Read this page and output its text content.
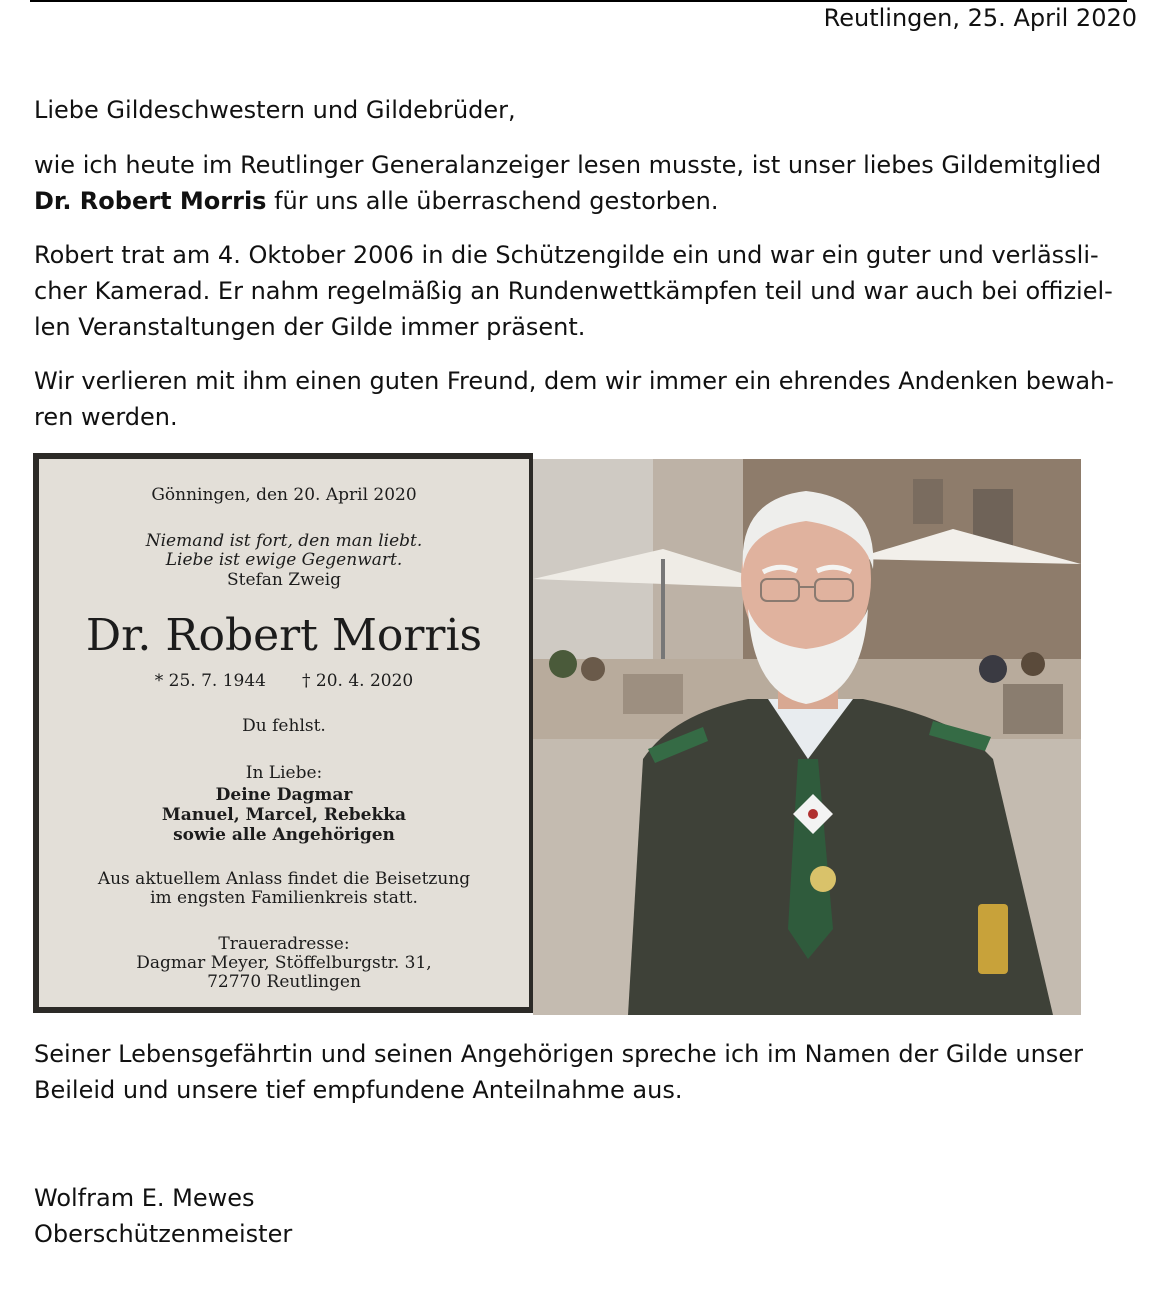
Reutlingen, 25. April 2020

Liebe Gildeschwestern und Gildebrüder,

wie ich heute im Reutlinger Generalanzeiger lesen musste, ist unser liebes Gildemitglied

Dr. Robert Morris für uns alle überraschend gestorben.

Robert trat am 4. Oktober 2006 in die Schützengilde ein und war ein guter und verlässli-

cher Kamerad. Er nahm regelmäßig an Rundenwettkämpfen teil und war auch bei offiziel-

len Veranstaltungen der Gilde immer präsent.

Wir verlieren mit ihm einen guten Freund, dem wir immer ein ehrendes Andenken bewah-

ren werden.

Gönningen, den 20. April 2020
Niemand ist fort, den man liebt.
Liebe ist ewige Gegenwart.
Stefan Zweig
Dr. Robert Morris
* 25. 7. 1944 † 20. 4. 2020
Du fehlst.
In Liebe:
Deine Dagmar
Manuel, Marcel, Rebekka
sowie alle Angehörigen
Aus aktuellem Anlass findet die Beisetzung
im engsten Familienkreis statt.
Traueradresse:
Dagmar Meyer, Stöffelburgstr. 31,
72770 Reutlingen

Seiner Lebensgefährtin und seinen Angehörigen spreche ich im Namen der Gilde unser

Beileid und unsere tief empfundene Anteilnahme aus.

Wolfram E. Mewes
Oberschützenmeister
